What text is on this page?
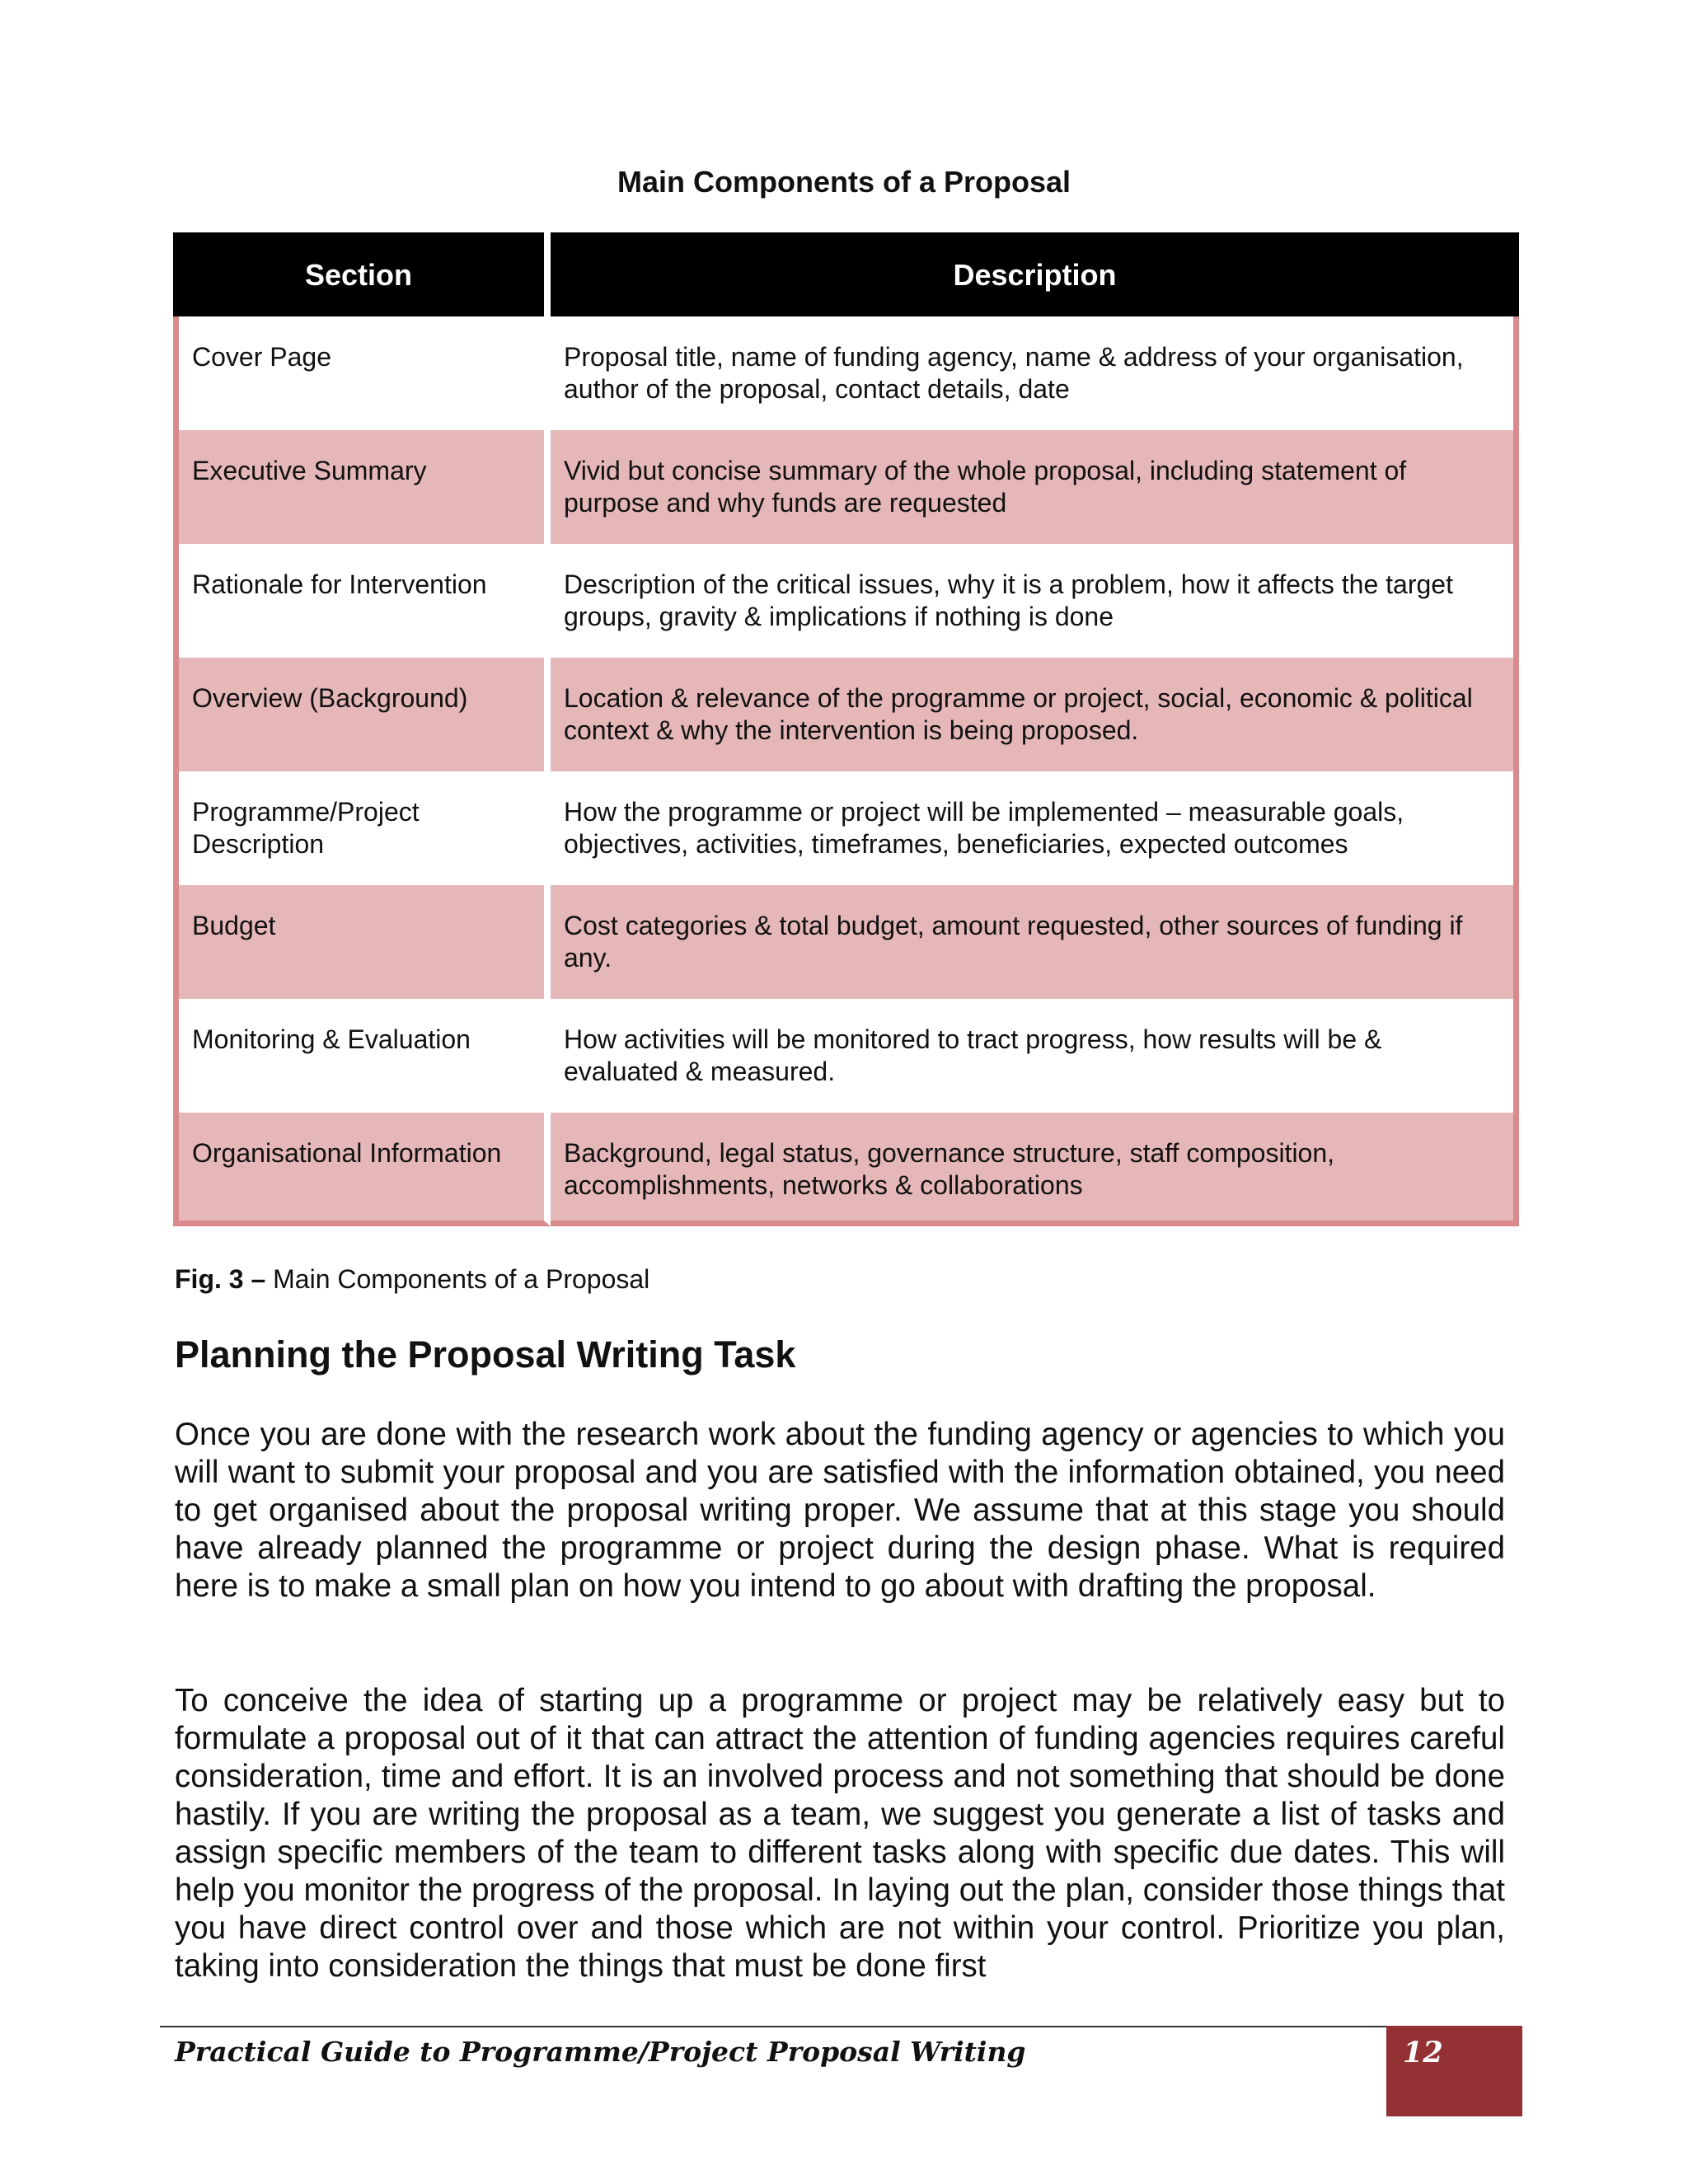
Main Components of a Proposal
Section	Description
Cover Page	Proposal title, name of funding agency, name & address of your organisation, author of the proposal, contact details, date
Executive Summary	Vivid but concise summary of the whole proposal, including statement of purpose and why funds are requested
Rationale for Intervention	Description of the critical issues, why it is a problem, how it affects the target groups, gravity & implications if nothing is done
Overview (Background)	Location & relevance of the programme or project, social, economic & political context & why the intervention is being proposed.
Programme/Project Description	How the programme or project will be implemented – measurable goals, objectives, activities, timeframes, beneficiaries, expected outcomes
Budget	Cost categories & total budget, amount requested, other sources of funding if any.
Monitoring & Evaluation	How activities will be monitored to tract progress, how results will be & evaluated & measured.
Organisational Information	Background, legal status, governance structure, staff composition, accomplishments, networks & collaborations
Fig. 3 – Main Components of a Proposal
Planning the Proposal Writing Task

Once you are done with the research work about the funding agency or agencies to which you will want to submit your proposal and you are satisfied with the information obtained, you need to get organised about the proposal writing proper. We assume that at this stage you should have already planned the programme or project during the design phase. What is required here is to make a small plan on how you intend to go about with drafting the proposal.

To conceive the idea of starting up a programme or project may be relatively easy but to formulate a proposal out of it that can attract the attention of funding agencies requires careful consideration, time and effort. It is an involved process and not something that should be done hastily. If you are writing the proposal as a team, we suggest you generate a list of tasks and assign specific members of the team to different tasks along with specific due dates. This will help you monitor the progress of the proposal. In laying out the plan, consider those things that you have direct control over and those which are not within your control. Prioritize you plan, taking into consideration the things that must be done first

Practical Guide to Programme/Project Proposal Writing	12
